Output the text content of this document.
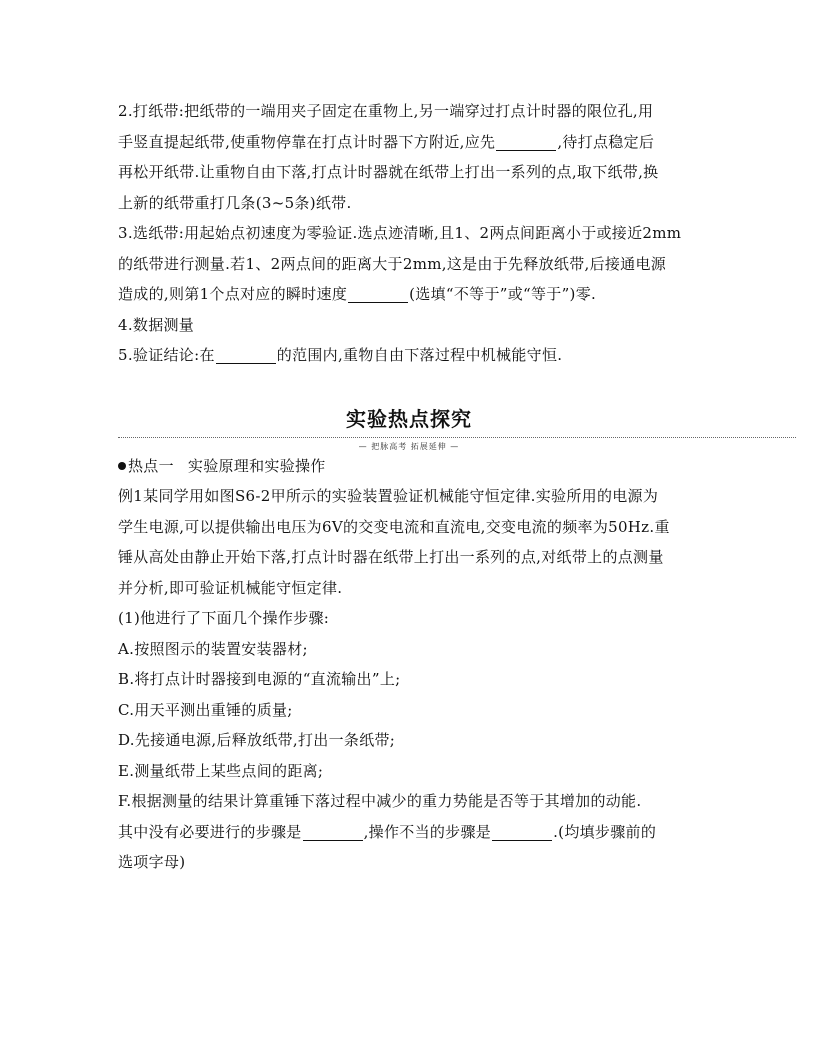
2.打纸带:把纸带的一端用夹子固定在重物上,另一端穿过打点计时器的限位孔,用
手竖直提起纸带,使重物停靠在打点计时器下方附近,应先	,待打点稳定后
再松开纸带.让重物自由下落,打点计时器就在纸带上打出一系列的点,取下纸带,换
上新的纸带重打几条(3~5条)纸带.
3.选纸带:用起始点初速度为零验证.选点迹清晰,且1、2两点间距离小于或接近2mm
的纸带进行测量.若1、2两点间的距离大于2mm,这是由于先释放纸带,后接通电源
造成的,则第1个点对应的瞬时速度	(选填“不等于”或“等于”)零.
4.数据测量
5.验证结论:在	的范围内,重物自由下落过程中机械能守恒.
实验热点探究
— 把脉高考 拓展延伸 —
热点一 实验原理和实验操作
例1某同学用如图S6-2甲所示的实验装置验证机械能守恒定律.实验所用的电源为
学生电源,可以提供输出电压为6V的交变电流和直流电,交变电流的频率为50Hz.重
锤从高处由静止开始下落,打点计时器在纸带上打出一系列的点,对纸带上的点测量
并分析,即可验证机械能守恒定律.
(1)他进行了下面几个操作步骤:
A.按照图示的装置安装器材;
B.将打点计时器接到电源的“直流输出”上;
C.用天平测出重锤的质量;
D.先接通电源,后释放纸带,打出一条纸带;
E.测量纸带上某些点间的距离;
F.根据测量的结果计算重锤下落过程中减少的重力势能是否等于其增加的动能.
其中没有必要进行的步骤是	,操作不当的步骤是	.(均填步骤前的
选项字母)
